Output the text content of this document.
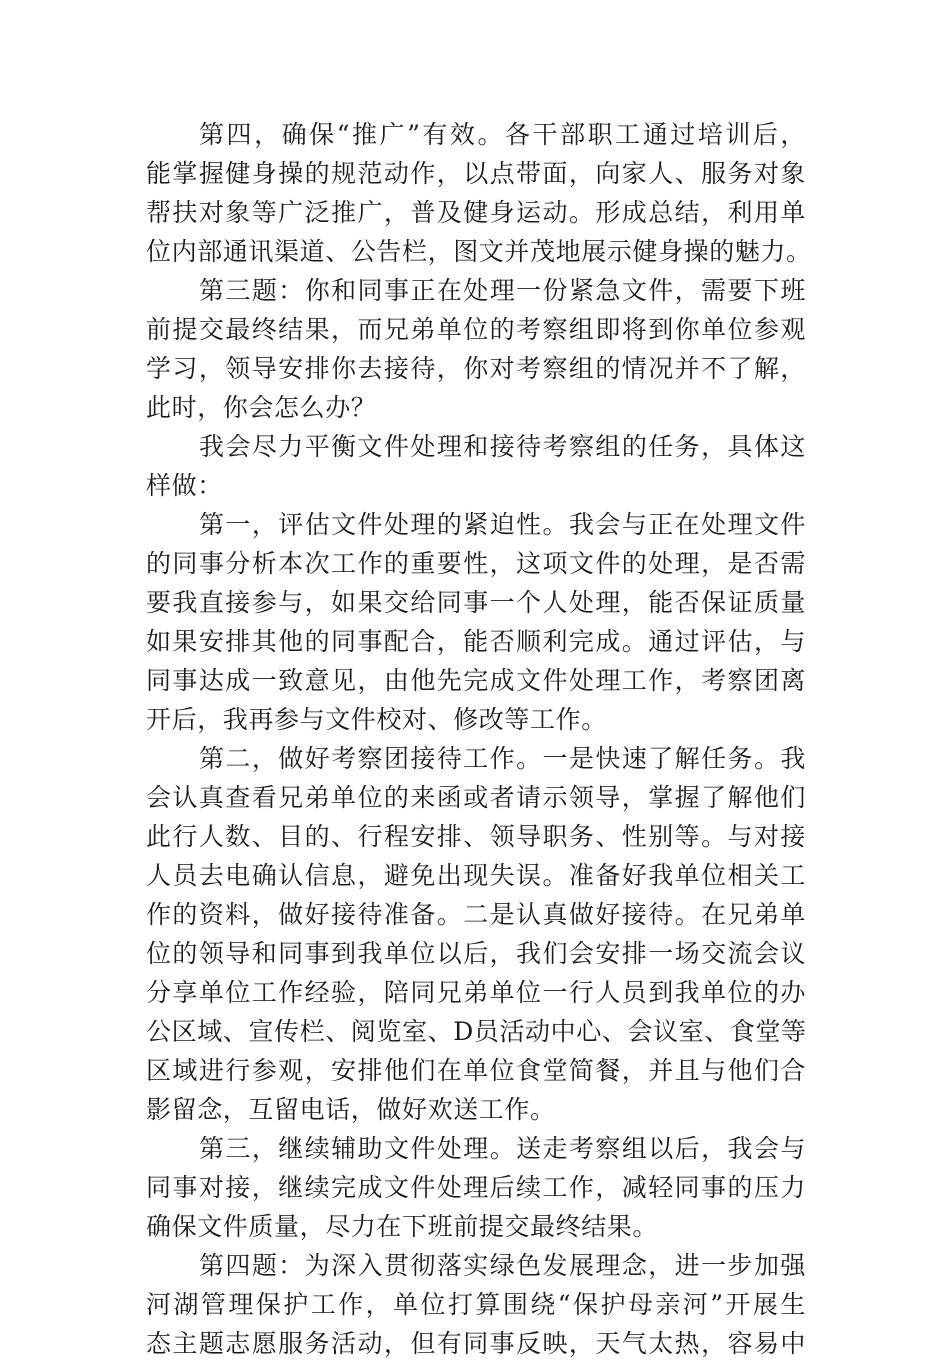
第四，确保“推广”有效。各干部职工通过培训后，
能掌握健身操的规范动作，以点带面，向家人、服务对象
帮扶对象等广泛推广，普及健身运动。形成总结，利用单
位内部通讯渠道、公告栏，图文并茂地展示健身操的魅力。
第三题：你和同事正在处理一份紧急文件，需要下班
前提交最终结果，而兄弟单位的考察组即将到你单位参观
学习，领导安排你去接待，你对考察组的情况并不了解，
此时，你会怎么办？
我会尽力平衡文件处理和接待考察组的任务，具体这
样做：
第一，评估文件处理的紧迫性。我会与正在处理文件
的同事分析本次工作的重要性，这项文件的处理，是否需
要我直接参与，如果交给同事一个人处理，能否保证质量
如果安排其他的同事配合，能否顺利完成。通过评估，与
同事达成一致意见，由他先完成文件处理工作，考察团离
开后，我再参与文件校对、修改等工作。
第二，做好考察团接待工作。一是快速了解任务。我
会认真查看兄弟单位的来函或者请示领导，掌握了解他们
此行人数、目的、行程安排、领导职务、性别等。与对接
人员去电确认信息，避免出现失误。准备好我单位相关工
作的资料，做好接待准备。二是认真做好接待。在兄弟单
位的领导和同事到我单位以后，我们会安排一场交流会议
分享单位工作经验，陪同兄弟单位一行人员到我单位的办
公区域、宣传栏、阅览室、D员活动中心、会议室、食堂等
区域进行参观，安排他们在单位食堂简餐，并且与他们合
影留念，互留电话，做好欢送工作。
第三，继续辅助文件处理。送走考察组以后，我会与
同事对接，继续完成文件处理后续工作，减轻同事的压力
确保文件质量，尽力在下班前提交最终结果。
第四题：为深入贯彻落实绿色发展理念，进一步加强
河湖管理保护工作，单位打算围绕“保护母亲河”开展生
态主题志愿服务活动，但有同事反映，天气太热，容易中
